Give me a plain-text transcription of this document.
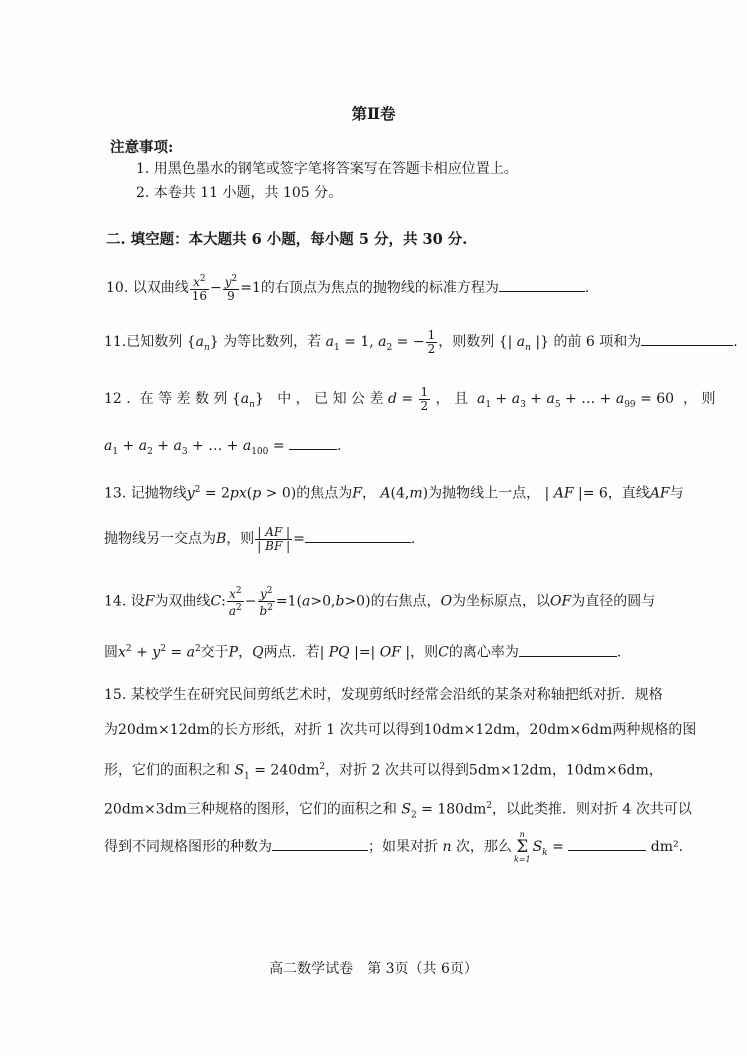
第Ⅱ卷
注意事项:
1. 用黑色墨水的钢笔或签字笔将答案写在答题卡相应位置上。
2. 本卷共 11 小题，共 105 分。
二. 填空题：本大题共 6 小题，每小题 5 分，共 30 分.
10. 以双曲线 $\frac{x^2}{16} - \frac{y^2}{9} =1$的右顶点为焦点的抛物线的标准方程为	.
11.已知数列 $\{a_n\}$ 为等比数列，若 $a_1 = 1$, $a_2$ = − $\frac{1}{2}$ ，则数列 {| $a_n$ |} 的前 6 项和为	.
12 . 在 等 差 数 列 $\{a_n\}$   中 ， 已 知 公 差 $d = \frac{1}{2}$ ， 且 $a_1 + a_3 + a_5$ + … + $a_{99} = 60$  ， 则
$a_1 + a_2 + a_3$ + … + $a_{100}$ =	.
13. 记抛物线$y^2 = 2px(p > 0)$的焦点为F， A(4,m)为抛物线上一点， | AF |= 6，直线AF与
抛物线另一交点为B，则 $\frac{| AF |}{| BF |}$ =	.
14. 设F为双曲线C: $\frac{x^2}{a^2} - \frac{y^2}{b^2} =1(a>0,b>0)$的右焦点，O为坐标原点，以OF为直径的圆与
圆$x^2 + y^2 = a^2$交于P，Q两点．若| PQ |=| OF |，则C的离心率为	.
15. 某校学生在研究民间剪纸艺术时，发现剪纸时经常会沿纸的某条对称轴把纸对折．规格
为20dm×12dm的长方形纸，对折 1 次共可以得到10dm×12dm，20dm×6dm两种规格的图
形，它们的面积之和 $S_1 = 240dm^2$，对折 2 次共可以得到5dm×12dm，10dm×6dm，
20dm×3dm三种规格的图形，它们的面积之和 $S_2 = 180dm^2$，以此类推．则对折 4 次共可以
得到不同规格图形的种数为	；如果对折 n 次，那么
n
Σ
k=1
$S_k$ =	dm².
高二数学试卷　第 3页（共 6页）
